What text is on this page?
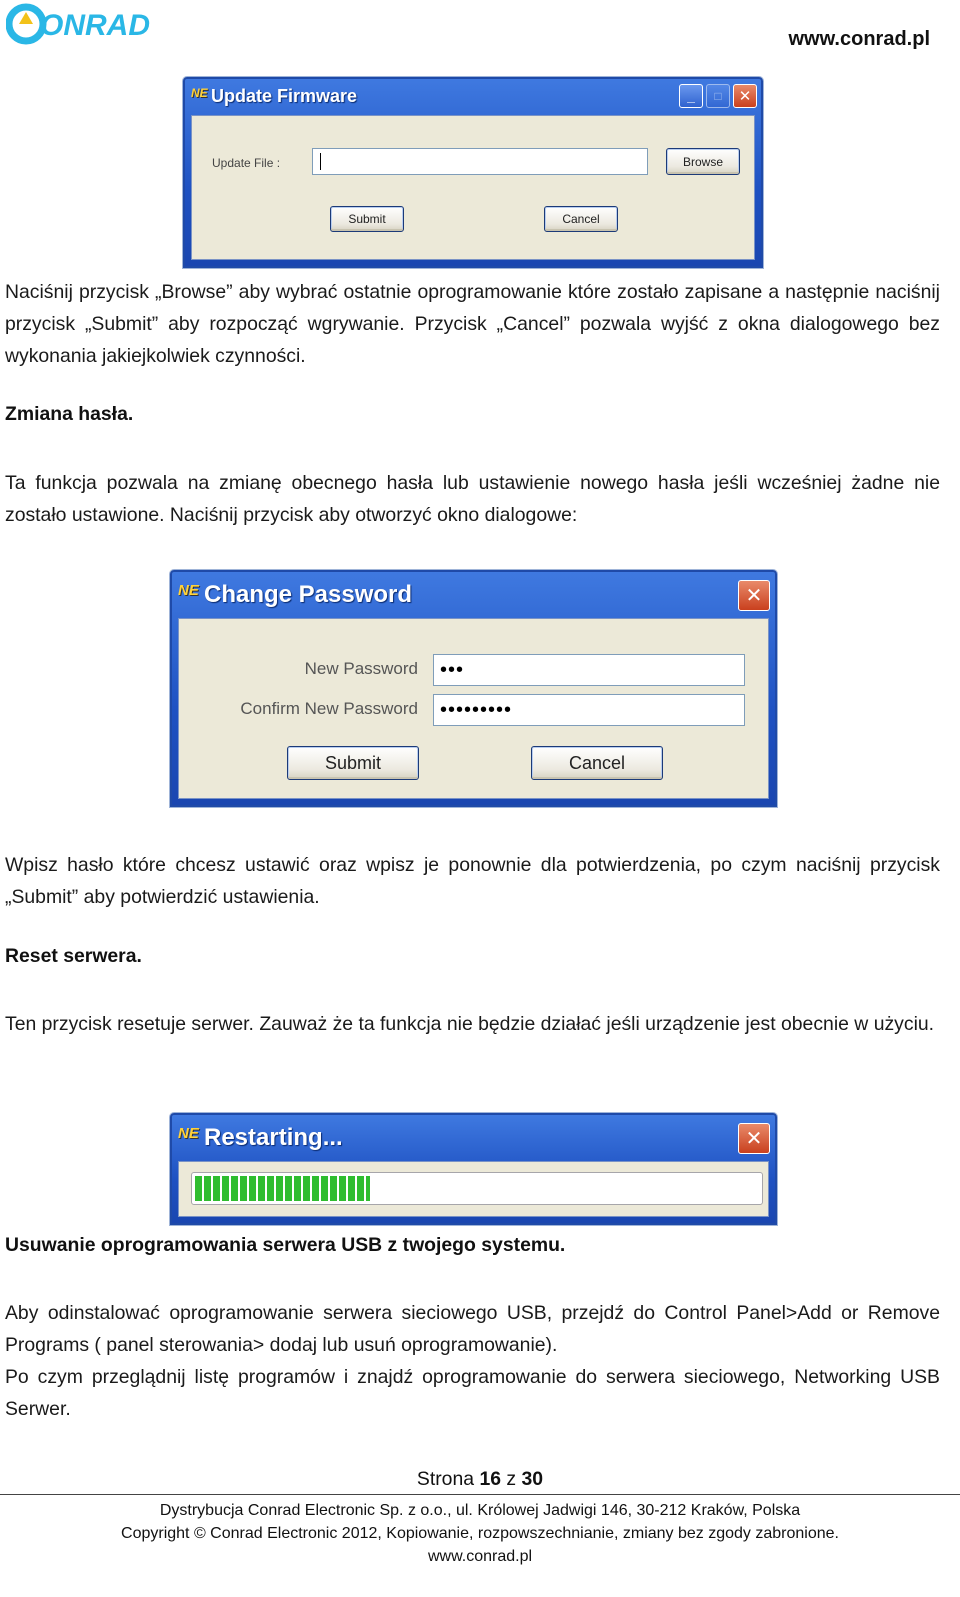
ONRAD	www.conrad.pl
NE Update Firmware	_	□	✕
Update File :	Browse
Submit	Cancel
Naciśnij przycisk „Browse” aby wybrać ostatnie oprogramowanie które zostało zapisane a następnie naciśnij przycisk „Submit” aby rozpocząć wgrywanie. Przycisk „Cancel” pozwala wyjść z okna dialogowego bez wykonania jakiejkolwiek czynności.
Zmiana hasła.
Ta funkcja pozwala na zmianę obecnego hasła lub ustawienie nowego hasła jeśli wcześniej żadne nie zostało ustawione. Naciśnij przycisk aby otworzyć okno dialogowe:
NE Change Password	✕
New Password	•••
Confirm New Password	•••••••••
Submit	Cancel
Wpisz hasło które chcesz ustawić oraz wpisz je ponownie dla potwierdzenia, po czym naciśnij przycisk „Submit” aby potwierdzić ustawienia.
Reset serwera.
Ten przycisk resetuje serwer. Zauważ że ta funkcja nie będzie działać jeśli urządzenie jest obecnie w użyciu.
NE Restarting...	✕
Usuwanie oprogramowania serwera USB z twojego systemu.
Aby odinstalować oprogramowanie serwera sieciowego USB, przejdź do Control Panel>Add or Remove Programs ( panel sterowania> dodaj lub usuń oprogramowanie).
Po czym przeglądnij listę programów i znajdź oprogramowanie do serwera sieciowego, Networking USB Serwer.
Strona 16 z 30
Dystrybucja Conrad Electronic Sp. z o.o., ul. Królowej Jadwigi 146, 30-212 Kraków, Polska
Copyright © Conrad Electronic 2012, Kopiowanie, rozpowszechnianie, zmiany bez zgody zabronione.
www.conrad.pl
